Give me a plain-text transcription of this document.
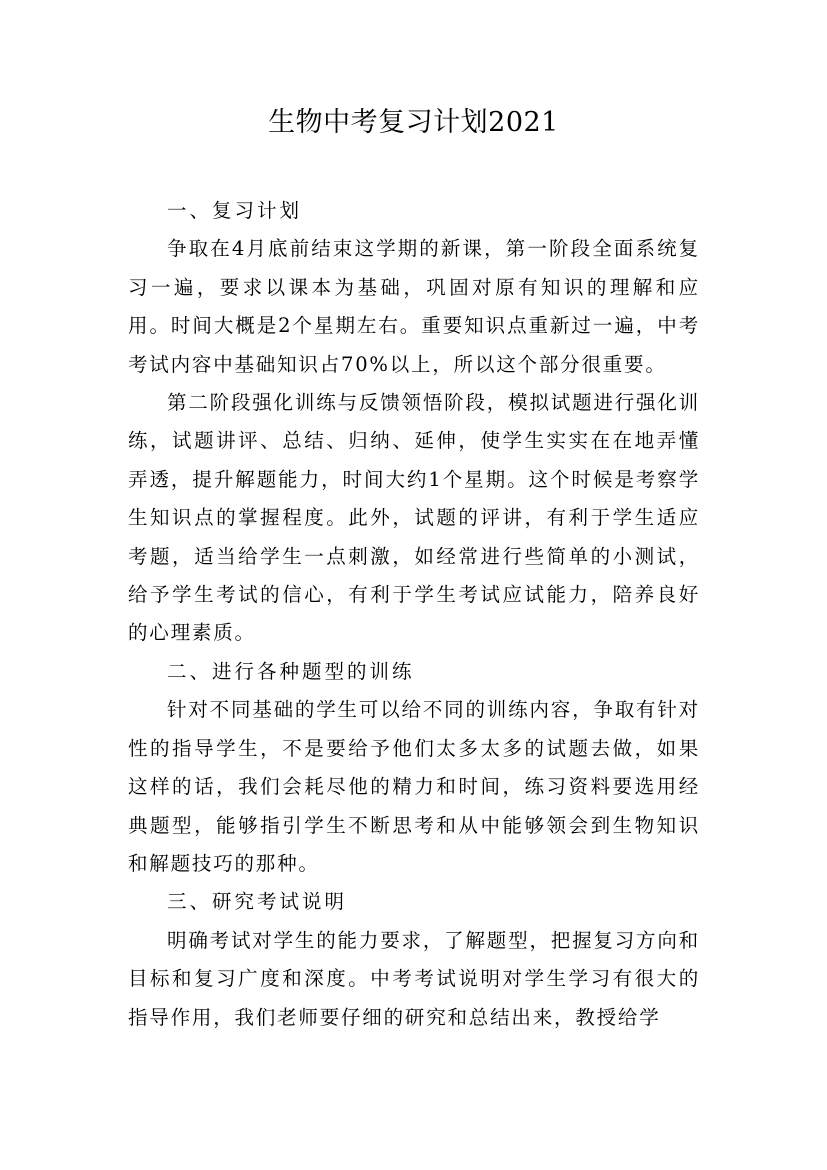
生物中考复习计划2021

一、复习计划

争取在4月底前结束这学期的新课，第一阶段全面系统复习一遍，要求以课本为基础，巩固对原有知识的理解和应用。时间大概是2个星期左右。重要知识点重新过一遍，中考考试内容中基础知识占70%以上，所以这个部分很重要。

第二阶段强化训练与反馈领悟阶段，模拟试题进行强化训练，试题讲评、总结、归纳、延伸，使学生实实在在地弄懂弄透，提升解题能力，时间大约1个星期。这个时候是考察学生知识点的掌握程度。此外，试题的评讲，有利于学生适应考题，适当给学生一点刺激，如经常进行些简单的小测试，给予学生考试的信心，有利于学生考试应试能力，陪养良好的心理素质。

二、进行各种题型的训练

针对不同基础的学生可以给不同的训练内容，争取有针对性的指导学生，不是要给予他们太多太多的试题去做，如果这样的话，我们会耗尽他的精力和时间，练习资料要选用经典题型，能够指引学生不断思考和从中能够领会到生物知识和解题技巧的那种。

三、研究考试说明

明确考试对学生的能力要求，了解题型，把握复习方向和目标和复习广度和深度。中考考试说明对学生学习有很大的指导作用，我们老师要仔细的研究和总结出来，教授给学
